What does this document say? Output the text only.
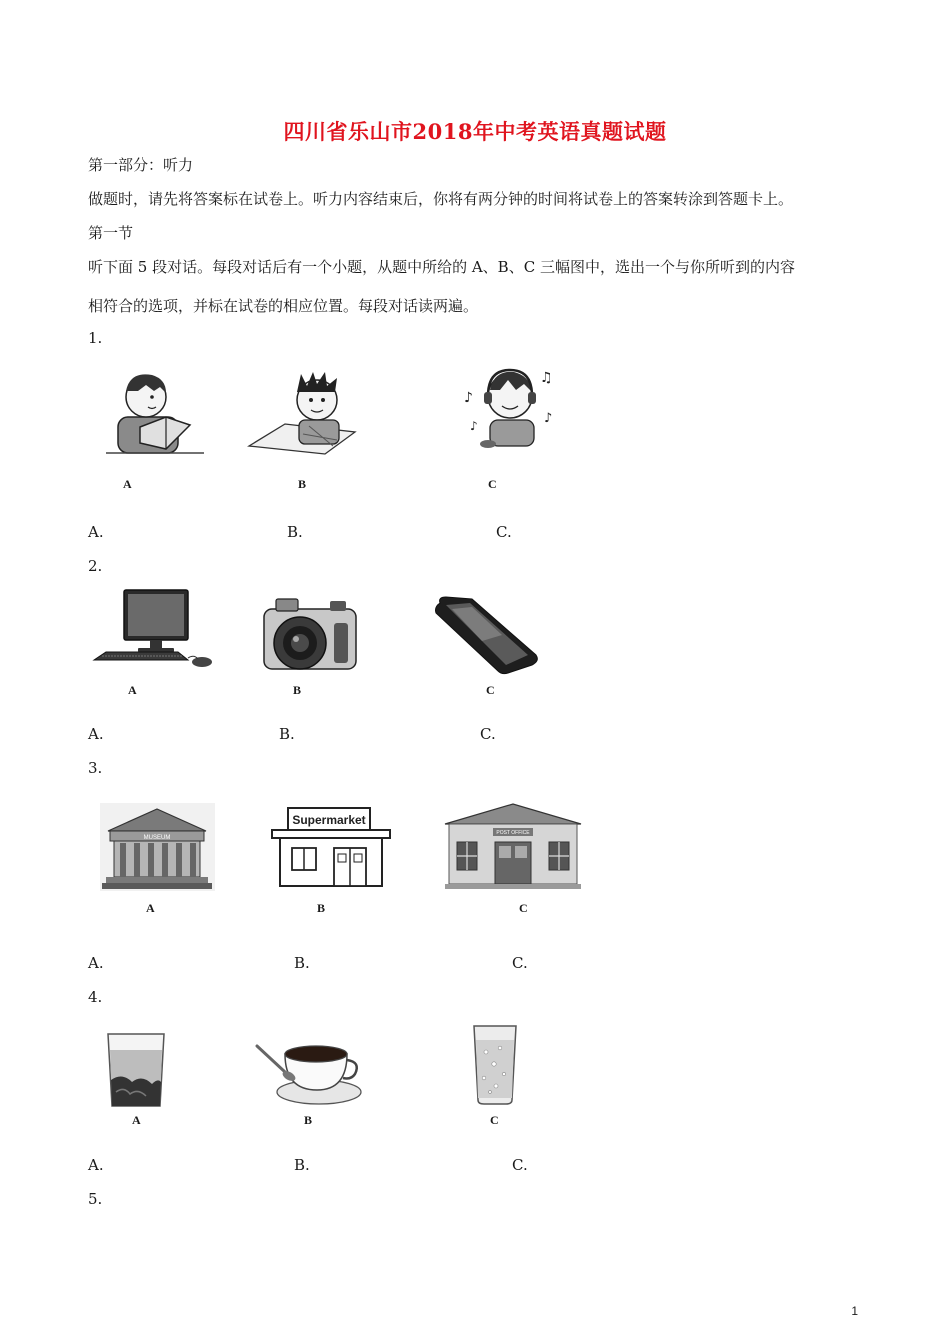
四川省乐山市2018年中考英语真题试题
第一部分：听力
做题时，请先将答案标在试卷上。听力内容结束后，你将有两分钟的时间将试卷上的答案转涂到答题卡上。
第一节
听下面 5 段对话。每段对话后有一个小题，从题中所给的 A、B、C 三幅图中，选出一个与你所听到的内容
相符合的选项，并标在试卷的相应位置。每段对话读两遍。
1.
♪
♫
♪
♪
A	B	C
A.	B.	C.
2.
A	B	C
A.	B.	C.
3.
MUSEUM
Supermarket
POST OFFICE
A	B	C
A.	B.	C.
4.
A	B	C
A.	B.	C.
5.
1
